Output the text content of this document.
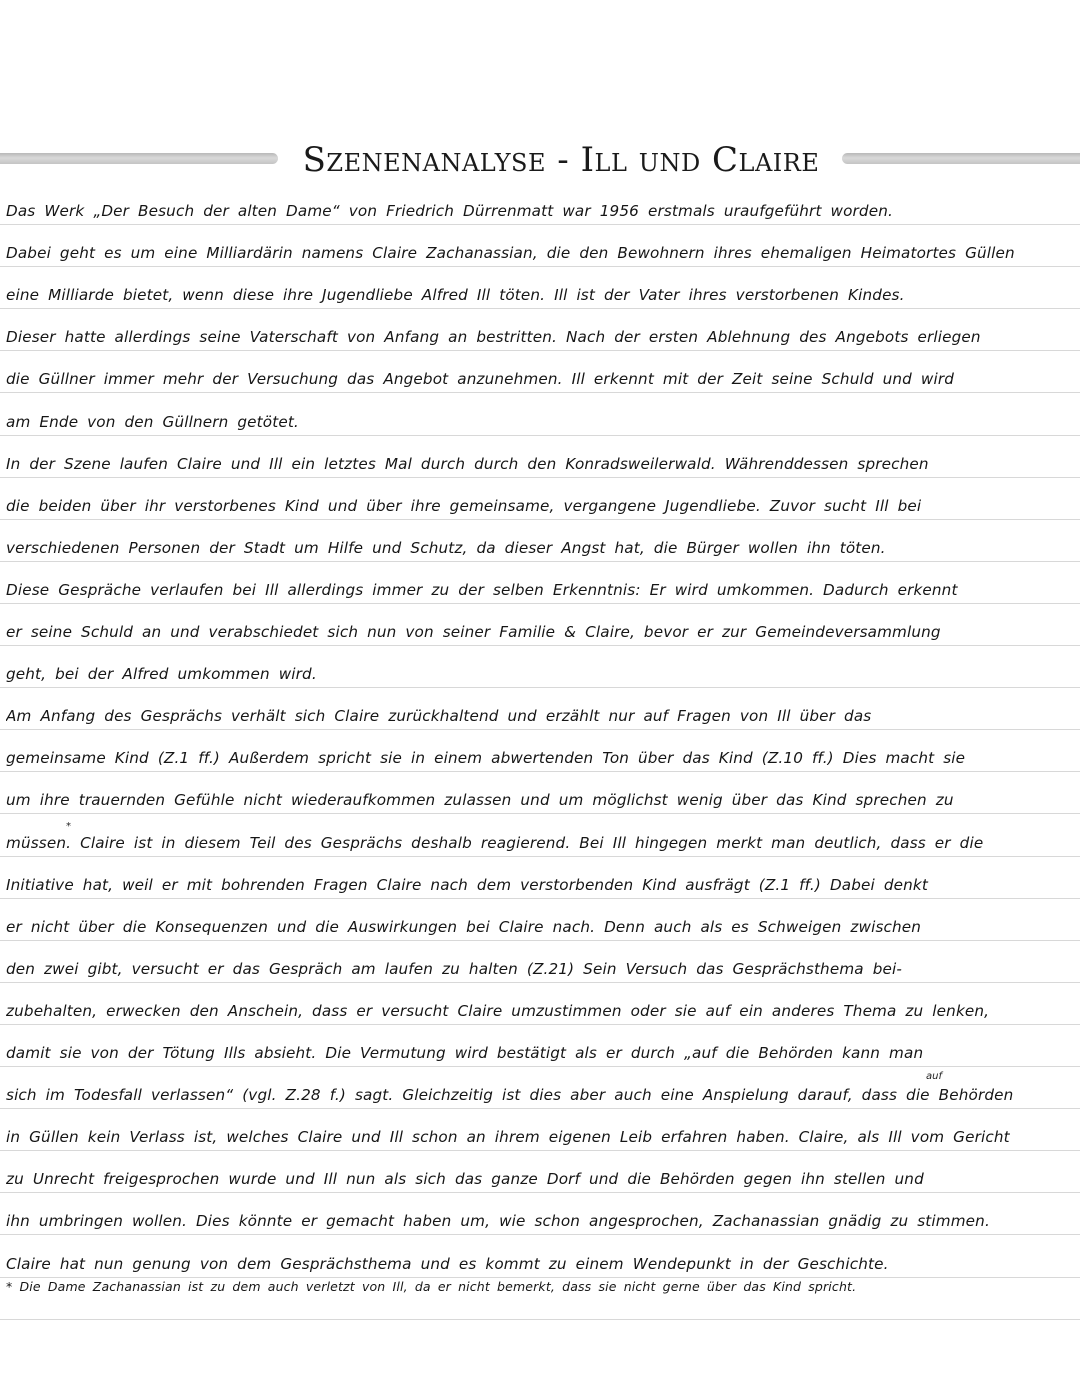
Szenenanalyse - Ill und Claire
Das Werk „Der Besuch der alten Dame“ von Friedrich Dürrenmatt war 1956 erstmals uraufgeführt worden.
Dabei geht es um eine Milliardärin namens Claire Zachanassian, die den Bewohnern ihres ehemaligen Heimatortes Güllen
eine Milliarde bietet, wenn diese ihre Jugendliebe Alfred Ill töten. Ill ist der Vater ihres verstorbenen Kindes.
Dieser hatte allerdings seine Vaterschaft von Anfang an bestritten. Nach der ersten Ablehnung des Angebots erliegen
die Güllner immer mehr der Versuchung das Angebot anzunehmen. Ill erkennt mit der Zeit seine Schuld und wird
am Ende von den Güllnern getötet.
In der Szene laufen Claire und Ill ein letztes Mal durch durch den Konradsweilerwald. Währenddessen sprechen
die beiden über ihr verstorbenes Kind und über ihre gemeinsame, vergangene Jugendliebe. Zuvor sucht Ill bei
verschiedenen Personen der Stadt um Hilfe und Schutz, da dieser Angst hat, die Bürger wollen ihn töten.
Diese Gespräche verlaufen bei Ill allerdings immer zu der selben Erkenntnis: Er wird umkommen. Dadurch erkennt
er seine Schuld an und verabschiedet sich nun von seiner Familie & Claire, bevor er zur Gemeindeversammlung
geht, bei der Alfred umkommen wird.
Am Anfang des Gesprächs verhält sich Claire zurückhaltend und erzählt nur auf Fragen von Ill über das
gemeinsame Kind (Z.1 ff.) Außerdem spricht sie in einem abwertenden Ton über das Kind (Z.10 ff.) Dies macht sie
um ihre trauernden Gefühle nicht wiederaufkommen zulassen und um möglichst wenig über das Kind sprechen zu
müssen. Claire ist in diesem Teil des Gesprächs deshalb reagierend. Bei Ill hingegen merkt man deutlich, dass er die
Initiative hat, weil er mit bohrenden Fragen Claire nach dem verstorbenden Kind ausfrägt (Z.1 ff.) Dabei denkt
er nicht über die Konsequenzen und die Auswirkungen bei Claire nach. Denn auch als es Schweigen zwischen
den zwei gibt, versucht er das Gespräch am laufen zu halten (Z.21) Sein Versuch das Gesprächsthema bei-
zubehalten, erwecken den Anschein, dass er versucht Claire umzustimmen oder sie auf ein anderes Thema zu lenken,
damit sie von der Tötung Ills absieht. Die Vermutung wird bestätigt als er durch „auf die Behörden kann man
sich im Todesfall verlassen“ (vgl. Z.28 f.) sagt. Gleichzeitig ist dies aber auch eine Anspielung darauf, dass die Behörden
in Güllen kein Verlass ist, welches Claire und Ill schon an ihrem eigenen Leib erfahren haben. Claire, als Ill vom Gericht
zu Unrecht freigesprochen wurde und Ill nun als sich das ganze Dorf und die Behörden gegen ihn stellen und
ihn umbringen wollen. Dies könnte er gemacht haben um, wie schon angesprochen, Zachanassian gnädig zu stimmen.
Claire hat nun genung von dem Gesprächsthema und es kommt zu einem Wendepunkt in der Geschichte.
* Die Dame Zachanassian ist zu dem auch verletzt von Ill, da er nicht bemerkt, dass sie nicht gerne über das Kind spricht.
*
auf
